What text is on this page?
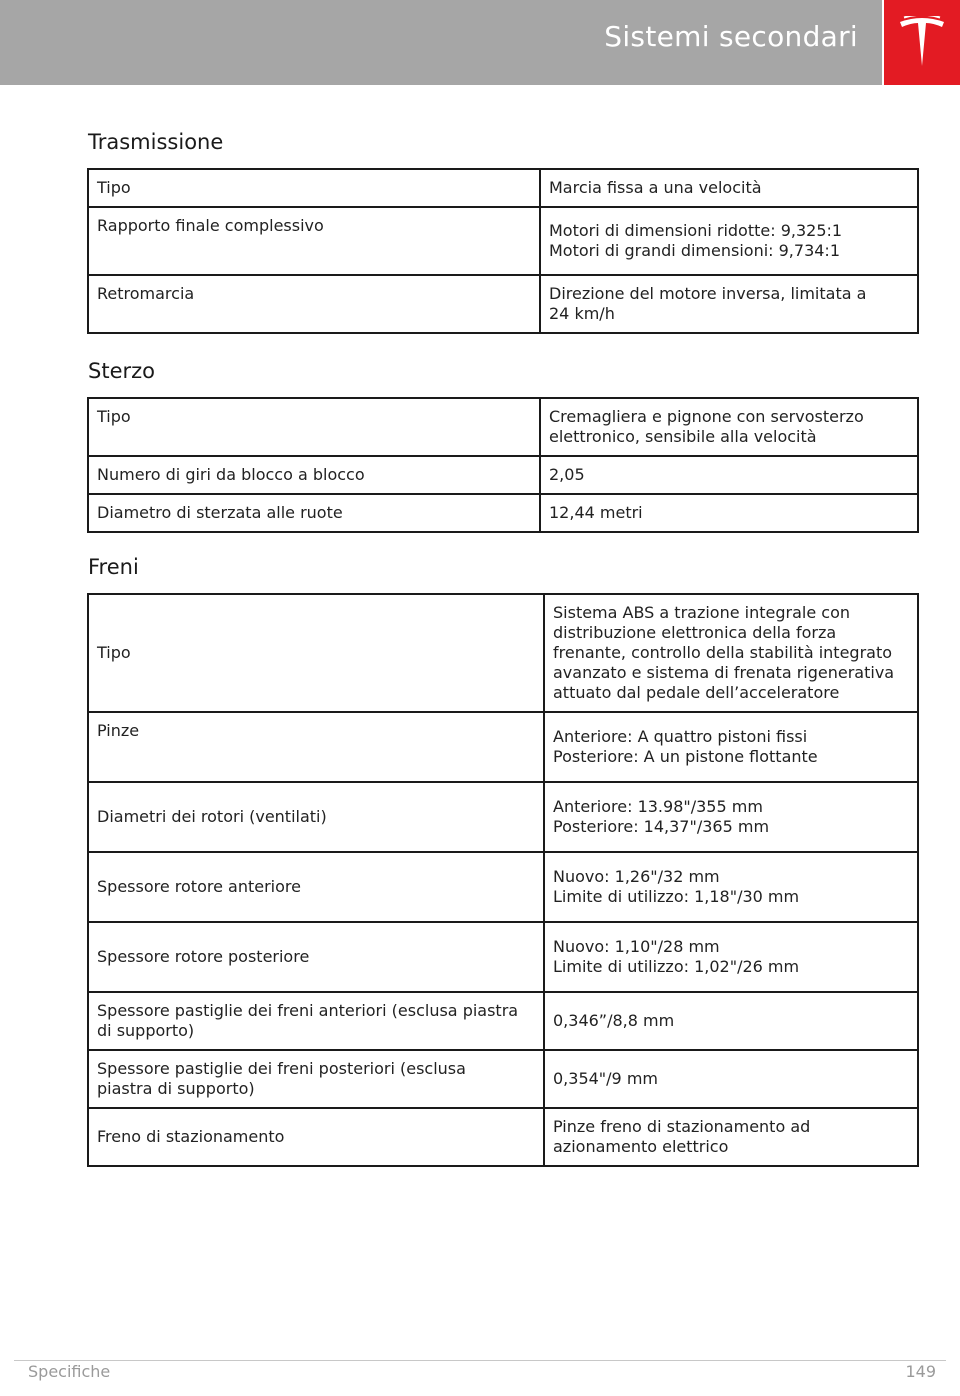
Sistemi secondari
Trasmissione
Tipo	Marcia fissa a una velocità
Rapporto finale complessivo	Motori di dimensioni ridotte: 9,325:1
Motori di grandi dimensioni: 9,734:1
Retromarcia	Direzione del motore inversa, limitata a
24 km/h
Sterzo
Tipo	Cremagliera e pignone con servosterzo
elettronico, sensibile alla velocità
Numero di giri da blocco a blocco	2,05
Diametro di sterzata alle ruote	12,44 metri
Freni
Tipo	Sistema ABS a trazione integrale con
distribuzione elettronica della forza
frenante, controllo della stabilità integrato
avanzato e sistema di frenata rigenerativa
attuato dal pedale dell’acceleratore
Pinze	Anteriore: A quattro pistoni fissi
Posteriore: A un pistone flottante
Diametri dei rotori (ventilati)	Anteriore: 13.98"/355 mm
Posteriore: 14,37"/365 mm
Spessore rotore anteriore	Nuovo: 1,26"/32 mm
Limite di utilizzo: 1,18"/30 mm
Spessore rotore posteriore	Nuovo: 1,10"/28 mm
Limite di utilizzo: 1,02"/26 mm
Spessore pastiglie dei freni anteriori (esclusa piastra
di supporto)	0,346”/8,8 mm
Spessore pastiglie dei freni posteriori (esclusa
piastra di supporto)	0,354"/9 mm
Freno di stazionamento	Pinze freno di stazionamento ad
azionamento elettrico
Specifiche	149
